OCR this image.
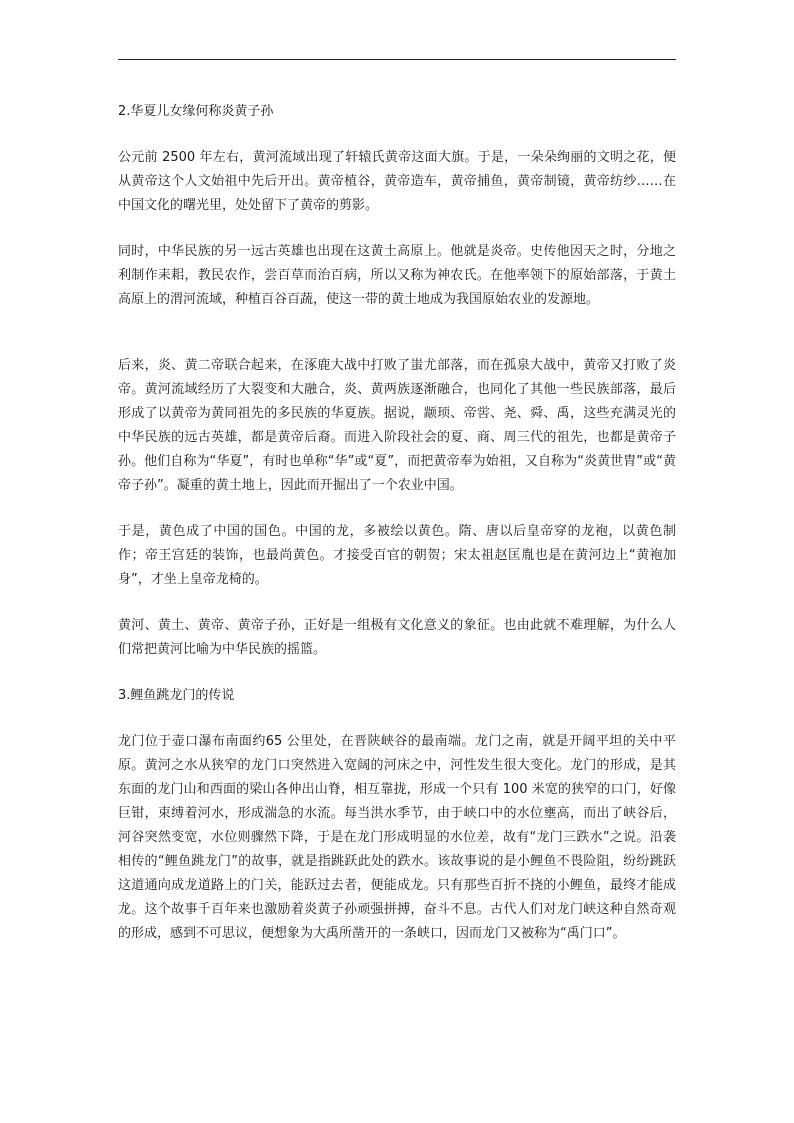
2.华夏儿女缘何称炎黄子孙

公元前 2500 年左右，黄河流域出现了轩辕氏黄帝这面大旗。于是，一朵朵绚丽的文明之花，便从黄帝这个人文始祖中先后开出。黄帝植谷，黄帝造车，黄帝捕鱼，黄帝制镜，黄帝纺纱……在中国文化的曙光里，处处留下了黄帝的剪影。

同时，中华民族的另一远古英雄也出现在这黄土高原上。他就是炎帝。史传他因天之时，分地之利制作耒耜，教民农作，尝百草而治百病，所以又称为神农氏。在他率领下的原始部落，于黄土高原上的渭河流域，种植百谷百蔬，使这一带的黄土地成为我国原始农业的发源地。

后来，炎、黄二帝联合起来，在涿鹿大战中打败了蚩尤部落，而在孤泉大战中，黄帝又打败了炎帝。黄河流域经历了大裂变和大融合，炎、黄两族逐渐融合，也同化了其他一些民族部落，最后形成了以黄帝为黄同祖先的多民族的华夏族。据说，颛顼、帝喾、尧、舜、禹，这些充满灵光的中华民族的远古英雄，都是黄帝后裔。而进入阶段社会的夏、商、周三代的祖先，也都是黄帝子孙。他们自称为“华夏”，有时也单称“华”或“夏”，而把黄帝奉为始祖，又自称为“炎黄世胄”或“黄帝子孙”。凝重的黄土地上，因此而开掘出了一个农业中国。

于是，黄色成了中国的国色。中国的龙，多被绘以黄色。隋、唐以后皇帝穿的龙袍，以黄色制作；帝王宫廷的装饰，也最尚黄色。才接受百官的朝贺；宋太祖赵匡胤也是在黄河边上“黄袍加身”，才坐上皇帝龙椅的。

黄河、黄土、黄帝、黄帝子孙，正好是一组极有文化意义的象征。也由此就不难理解，为什么人们常把黄河比喻为中华民族的摇篮。

3.鲤鱼跳龙门的传说

龙门位于壶口瀑布南面约65 公里处，在晋陕峡谷的最南端。龙门之南，就是开阔平坦的关中平原。黄河之水从狭窄的龙门口突然进入宽阔的河床之中，河性发生很大变化。龙门的形成，是其东面的龙门山和西面的梁山各伸出山脊，相互靠拢，形成一个只有 100 米宽的狭窄的口门，好像巨钳，束缚着河水，形成湍急的水流。每当洪水季节，由于峡口中的水位壅高，而出了峡谷后，河谷突然变宽，水位则骤然下降，于是在龙门形成明显的水位差，故有“龙门三跌水”之说。沿袭相传的“鲤鱼跳龙门”的故事，就是指跳跃此处的跌水。该故事说的是小鲤鱼不畏险阻，纷纷跳跃这道通向成龙道路上的门关，能跃过去者，便能成龙。只有那些百折不挠的小鲤鱼，最终才能成龙。这个故事千百年来也激励着炎黄子孙顽强拼搏，奋斗不息。古代人们对龙门峡这种自然奇观的形成，感到不可思议，便想象为大禹所凿开的一条峡口，因而龙门又被称为“禹门口”。
